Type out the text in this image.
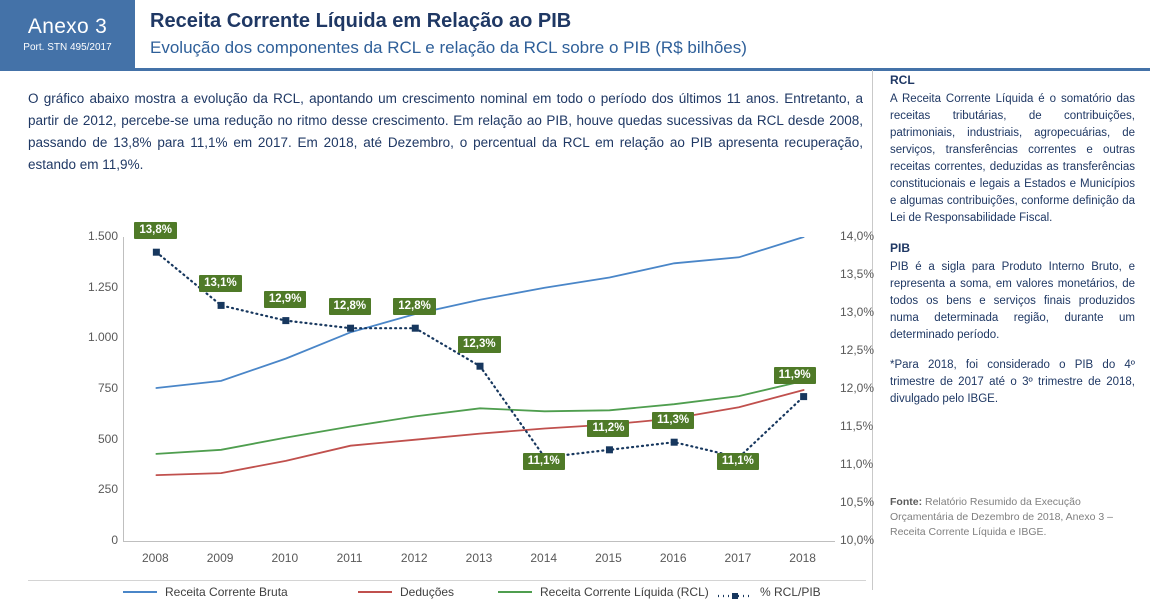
Anexo 3
Port. STN 495/2017
Receita Corrente Líquida em Relação ao PIB
Evolução dos componentes da RCL e relação da RCL sobre o PIB (R$ bilhões)
O gráfico abaixo mostra a evolução da RCL, apontando um crescimento nominal em todo o período dos últimos 11 anos. Entretanto, a partir de 2012, percebe-se uma redução no ritmo desse crescimento. Em relação ao PIB, houve quedas sucessivas da RCL desde 2008, passando de 13,8% para 11,1% em 2017. Em 2018, até Dezembro, o percentual da RCL em relação ao PIB apresenta recuperação, estando em 11,9%.
RCL

A Receita Corrente Líquida é o somatório das receitas tributárias, de contribuições, patrimoniais, industriais, agropecuárias, de serviços, transferências correntes e outras receitas correntes, deduzidas as transferências constitucionais e legais a Estados e Municípios e algumas contribuições, conforme definição da Lei de Responsabilidade Fiscal.

PIB

PIB é a sigla para Produto Interno Bruto, e representa a soma, em valores monetários, de todos os bens e serviços finais produzidos numa determinada região, durante um determinado período.

*Para 2018, foi considerado o PIB do 4º trimestre de 2017 até o 3º trimestre de 2018, divulgado pelo IBGE.

Fonte: Relatório Resumido da Execução Orçamentária de Dezembro de 2018, Anexo 3 – Receita Corrente Líquida e IBGE.
0
250
500
750
1.000
1.250
1.500
10,0%
10,5%
11,0%
11,5%
12,0%
12,5%
13,0%
13,5%
14,0%
13,8%
13,1%
12,9%
12,8%	12,8%
12,3%
11,1%
11,2%
11,3%
11,1%
11,9%
2008	2009	2010	2011	2012	2013	2014	2015	2016	2017	2018
Receita Corrente Bruta	Deduções	Receita Corrente Líquida (RCL)	% RCL/PIB
